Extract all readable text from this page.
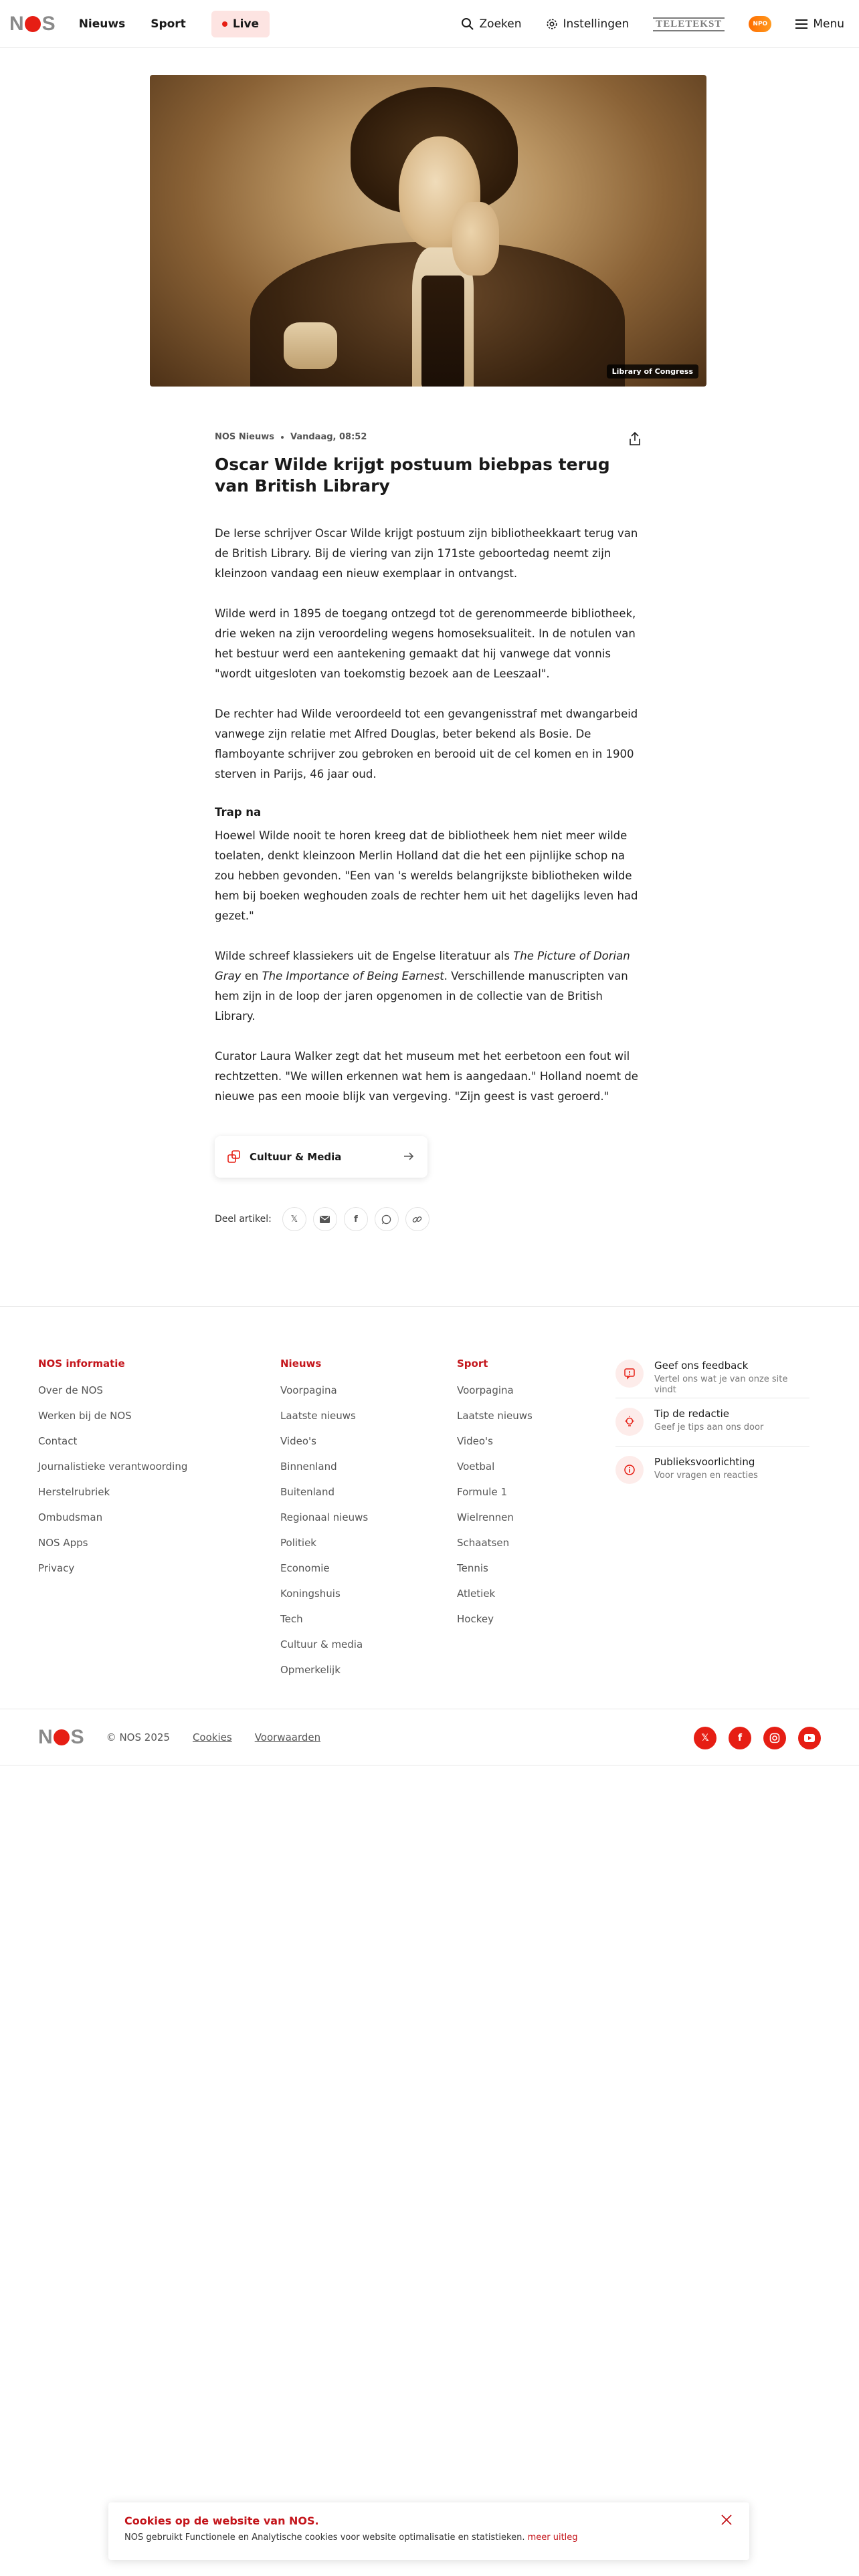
N S Nieuws Sport	Live	Zoeken	Instellingen	TELETEKST	NPO	Menu
Library of Congress
NOS Nieuws Vandaag, 08:52
Oscar Wilde krijgt postuum biebpas terug van British Library

De Ierse schrijver Oscar Wilde krijgt postuum zijn bibliotheekkaart terug van de British Library. Bij de viering van zijn 171ste geboortedag neemt zijn kleinzoon vandaag een nieuw exemplaar in ontvangst.

Wilde werd in 1895 de toegang ontzegd tot de gerenommeerde bibliotheek, drie weken na zijn veroordeling wegens homoseksualiteit. In de notulen van het bestuur werd een aantekening gemaakt dat hij vanwege dat vonnis "wordt uitgesloten van toekomstig bezoek aan de Leeszaal".

De rechter had Wilde veroordeeld tot een gevangenisstraf met dwangarbeid vanwege zijn relatie met Alfred Douglas, beter bekend als Bosie. De flamboyante schrijver zou gebroken en berooid uit de cel komen en in 1900 sterven in Parijs, 46 jaar oud.

Trap na

Hoewel Wilde nooit te horen kreeg dat de bibliotheek hem niet meer wilde toelaten, denkt kleinzoon Merlin Holland dat die het een pijnlijke schop na zou hebben gevonden. "Een van 's werelds belangrijkste bibliotheken wilde hem bij boeken weghouden zoals de rechter hem uit het dagelijks leven had gezet."

Wilde schreef klassiekers uit de Engelse literatuur als The Picture of Dorian Gray en The Importance of Being Earnest. Verschillende manuscripten van hem zijn in de loop der jaren opgenomen in de collectie van de British Library.

Curator Laura Walker zegt dat het museum met het eerbetoon een fout wil rechtzetten. "We willen erkennen wat hem is aangedaan." Holland noemt de nieuwe pas een mooie blijk van vergeving. "Zijn geest is vast geroerd."

Cultuur & Media
Deel artikel: 𝕏	f
NOS informatie
Over de NOS
Werken bij de NOS
Contact
Journalistieke verantwoording
Herstelrubriek
Ombudsman
NOS Apps
Privacy
Nieuws
Voorpagina
Laatste nieuws
Video's
Binnenland
Buitenland
Regionaal nieuws
Politiek
Economie
Koningshuis
Tech
Cultuur & media
Opmerkelijk
Sport
Voorpagina
Laatste nieuws
Video's
Voetbal
Formule 1
Wielrennen
Schaatsen
Tennis
Atletiek
Hockey
Geef ons feedback
Vertel ons wat je van onze site vindt
Tip de redactie
Geef je tips aan ons door
Publieksvoorlichting
Voor vragen en reacties
N S © NOS 2025 Cookies Voorwaarden	𝕏	f
Cookies op de website van NOS.

NOS gebruikt Functionele en Analytische cookies voor website optimalisatie en statistieken. meer uitleg
